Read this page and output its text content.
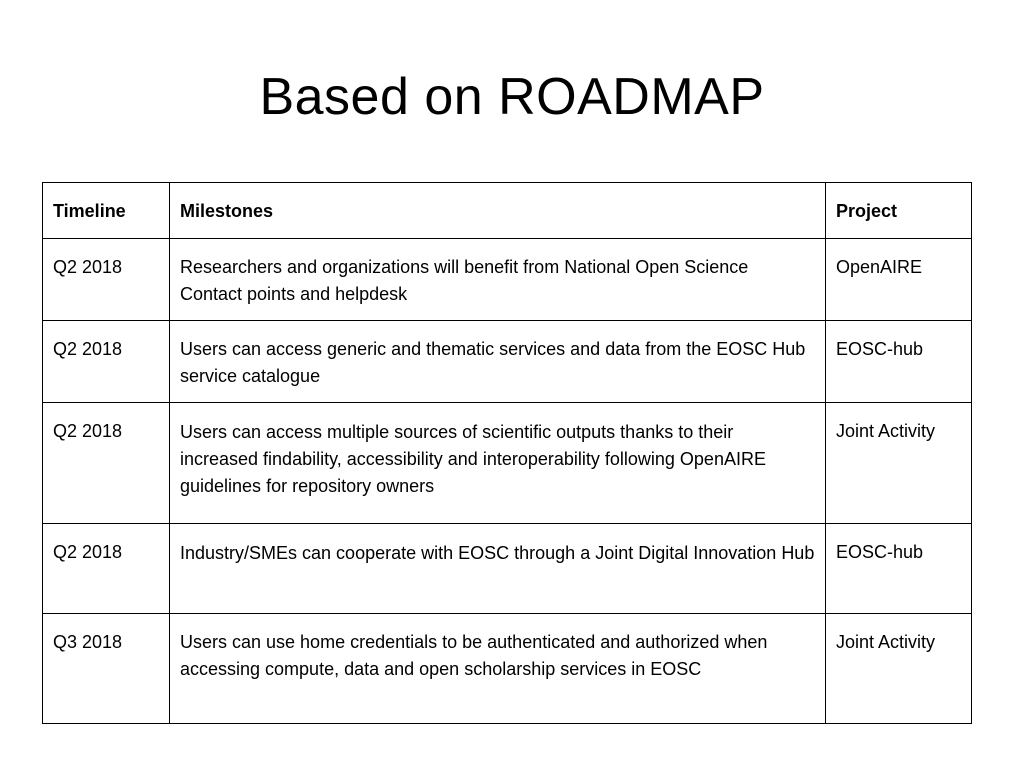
Based on ROADMAP
Timeline	Milestones	Project
Q2 2018	Researchers and organizations will benefit from National Open Science Contact points and helpdesk	OpenAIRE
Q2 2018	Users can access generic and thematic services and data from the EOSC Hub service catalogue	EOSC-hub
Q2 2018	Users can access multiple sources of scientific outputs thanks to their increased findability, accessibility and interoperability following OpenAIRE guidelines for repository owners	Joint Activity
Q2 2018	Industry/SMEs can cooperate with EOSC through a Joint Digital Innovation Hub	EOSC-hub
Q3 2018	Users can use home credentials to be authenticated and authorized when accessing compute, data and open scholarship services in EOSC	Joint Activity
